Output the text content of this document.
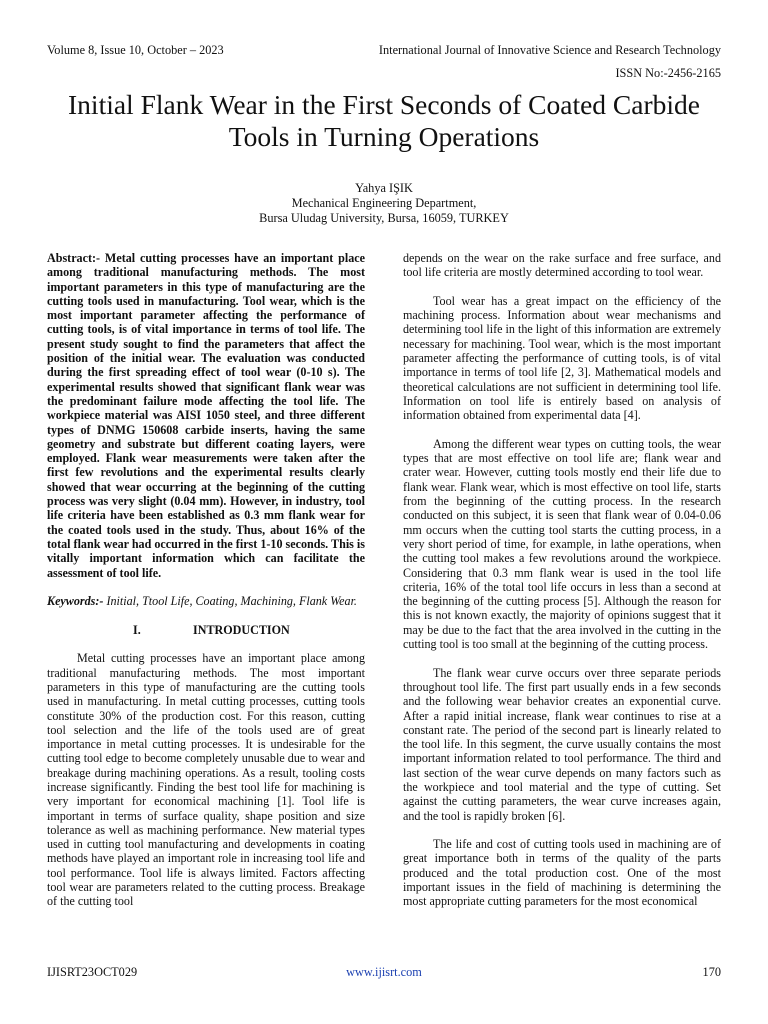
Volume 8, Issue 10, October – 2023	International Journal of Innovative Science and Research Technology
ISSN No:-2456-2165
Initial Flank Wear in the First Seconds of Coated Carbide Tools in Turning Operations
Yahya IŞIK
Mechanical Engineering Department,
Bursa Uludag University, Bursa, 16059, TURKEY

Abstract:- Metal cutting processes have an important place among traditional manufacturing methods. The most important parameters in this type of manufacturing are the cutting tools used in manufacturing. Tool wear, which is the most important parameter affecting the performance of cutting tools, is of vital importance in terms of tool life. The present study sought to find the parameters that affect the position of the initial wear. The evaluation was conducted during the first spreading effect of tool wear (0-10 s). The experimental results showed that significant flank wear was the predominant failure mode affecting the tool life. The workpiece material was AISI 1050 steel, and three different types of DNMG 150608 carbide inserts, having the same geometry and substrate but different coating layers, were employed. Flank wear measurements were taken after the first few revolutions and the experimental results clearly showed that wear occurring at the beginning of the cutting process was very slight (0.04 mm). However, in industry, tool life criteria have been established as 0.3 mm flank wear for the coated tools used in the study. Thus, about 16% of the total flank wear had occurred in the first 1-10 seconds. This is vitally important information which can facilitate the assessment of tool life.

Keywords:- Initial, Ttool Life, Coating, Machining, Flank Wear.

I.	INTRODUCTION

Metal cutting processes have an important place among traditional manufacturing methods. The most important parameters in this type of manufacturing are the cutting tools used in manufacturing. In metal cutting processes, cutting tools constitute 30% of the production cost. For this reason, cutting tool selection and the life of the tools used are of great importance in metal cutting processes. It is undesirable for the cutting tool edge to become completely unusable due to wear and breakage during machining operations. As a result, tooling costs increase significantly. Finding the best tool life for machining is very important for economical machining [1]. Tool life is important in terms of surface quality, shape position and size tolerance as well as machining performance. New material types used in cutting tool manufacturing and developments in coating methods have played an important role in increasing tool life and tool performance. Tool life is always limited. Factors affecting tool wear are parameters related to the cutting process. Breakage of the cutting tool

depends on the wear on the rake surface and free surface, and tool life criteria are mostly determined according to tool wear.

Tool wear has a great impact on the efficiency of the machining process. Information about wear mechanisms and determining tool life in the light of this information are extremely necessary for machining. Tool wear, which is the most important parameter affecting the performance of cutting tools, is of vital importance in terms of tool life [2, 3]. Mathematical models and theoretical calculations are not sufficient in determining tool life. Information on tool life is entirely based on analysis of information obtained from experimental data [4].

Among the different wear types on cutting tools, the wear types that are most effective on tool life are; flank wear and crater wear. However, cutting tools mostly end their life due to flank wear. Flank wear, which is most effective on tool life, starts from the beginning of the cutting process. In the research conducted on this subject, it is seen that flank wear of 0.04-0.06 mm occurs when the cutting tool starts the cutting process, in a very short period of time, for example, in lathe operations, when the cutting tool makes a few revolutions around the workpiece. Considering that 0.3 mm flank wear is used in the tool life criteria, 16% of the total tool life occurs in less than a second at the beginning of the cutting process [5]. Although the reason for this is not known exactly, the majority of opinions suggest that it may be due to the fact that the area involved in the cutting in the cutting tool is too small at the beginning of the cutting process.

The flank wear curve occurs over three separate periods throughout tool life. The first part usually ends in a few seconds and the following wear behavior creates an exponential curve. After a rapid initial increase, flank wear continues to rise at a constant rate. The period of the second part is linearly related to the tool life. In this segment, the curve usually contains the most important information related to tool performance. The third and last section of the wear curve depends on many factors such as the workpiece and tool material and the type of cutting. Set against the cutting parameters, the wear curve increases again, and the tool is rapidly broken [6].

The life and cost of cutting tools used in machining are of great importance both in terms of the quality of the parts produced and the total production cost. One of the most important issues in the field of machining is determining the most appropriate cutting parameters for the most economical

IJISRT23OCT029	www.ijisrt.com	170
